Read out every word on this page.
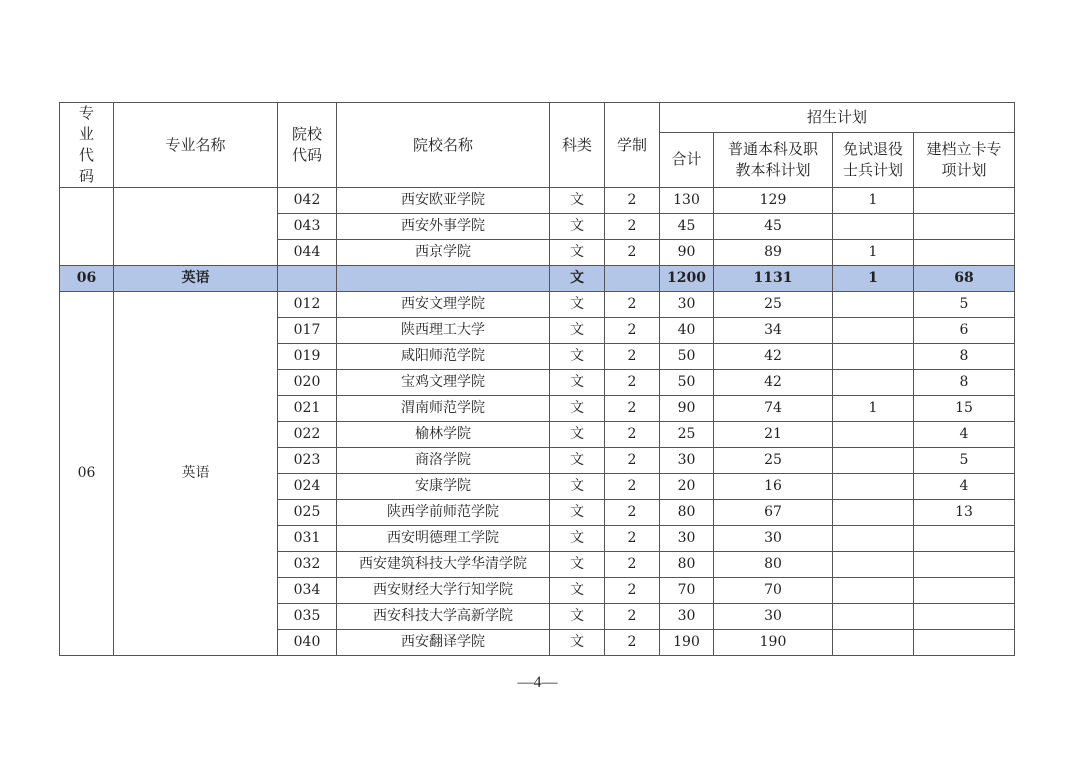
专业代码	专业名称	院校代码	院校名称	科类	学制	招生计划			
						合计	普通本科及职教本科计划	免试退役士兵计划	建档立卡专项计划
		042	西安欧亚学院	文	2	130	129	1	
		043	西安外事学院	文	2	45	45		
		044	西京学院	文	2	90	89	1	
06	英语			文		1200	1131	1	68
06	英语	012	西安文理学院	文	2	30	25		5
		017	陕西理工大学	文	2	40	34		6
		019	咸阳师范学院	文	2	50	42		8
		020	宝鸡文理学院	文	2	50	42		8
		021	渭南师范学院	文	2	90	74	1	15
		022	榆林学院	文	2	25	21		4
		023	商洛学院	文	2	30	25		5
		024	安康学院	文	2	20	16		4
		025	陕西学前师范学院	文	2	80	67		13
		031	西安明德理工学院	文	2	30	30		
		032	西安建筑科技大学华清学院	文	2	80	80		
		034	西安财经大学行知学院	文	2	70	70		
		035	西安科技大学高新学院	文	2	30	30		
		040	西安翻译学院	文	2	190	190		
—4—
